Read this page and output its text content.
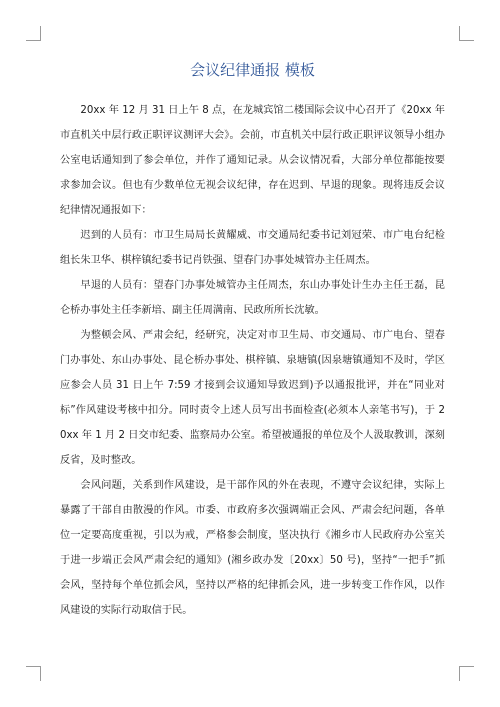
会议纪律通报 模板

20xx 年 12 月 31 日上午 8 点，在龙城宾馆二楼国际会议中心召开了《20xx 年市直机关中层行政正职评议测评大会》。会前，市直机关中层行政正职评议领导小组办公室电话通知到了参会单位，并作了通知记录。从会议情况看，大部分单位都能按要求参加会议。但也有少数单位无视会议纪律，存在迟到、早退的现象。现将违反会议纪律情况通报如下：

迟到的人员有：市卫生局局长黄耀威、市交通局纪委书记刘冠荣、市广电台纪检组长朱卫华、棋梓镇纪委书记肖铁强、望春门办事处城管办主任周杰。

早退的人员有：望春门办事处城管办主任周杰，东山办事处计生办主任王磊，昆仑桥办事处主任李新培、副主任周满南、民政所所长沈敏。

为整顿会风、严肃会纪，经研究，决定对市卫生局、市交通局、市广电台、望春门办事处、东山办事处、昆仑桥办事处、棋梓镇、泉塘镇(因泉塘镇通知不及时，学区应参会人员 31 日上午 7:59 才接到会议通知导致迟到)予以通报批评，并在“同业对标”作风建设考核中扣分。同时责令上述人员写出书面检查(必须本人亲笔书写)，于 20xx 年 1 月 2 日交市纪委、监察局办公室。希望被通报的单位及个人汲取教训，深刻反省，及时整改。

会风问题，关系到作风建设，是干部作风的外在表现，不遵守会议纪律，实际上暴露了干部自由散漫的作风。市委、市政府多次强调端正会风、严肃会纪问题，各单位一定要高度重视，引以为戒，严格参会制度，坚决执行《湘乡市人民政府办公室关于进一步端正会风严肃会纪的通知》(湘乡政办发〔20xx〕50 号)，坚持“一把手”抓会风，坚持每个单位抓会风，坚持以严格的纪律抓会风，进一步转变工作作风，以作风建设的实际行动取信于民。
